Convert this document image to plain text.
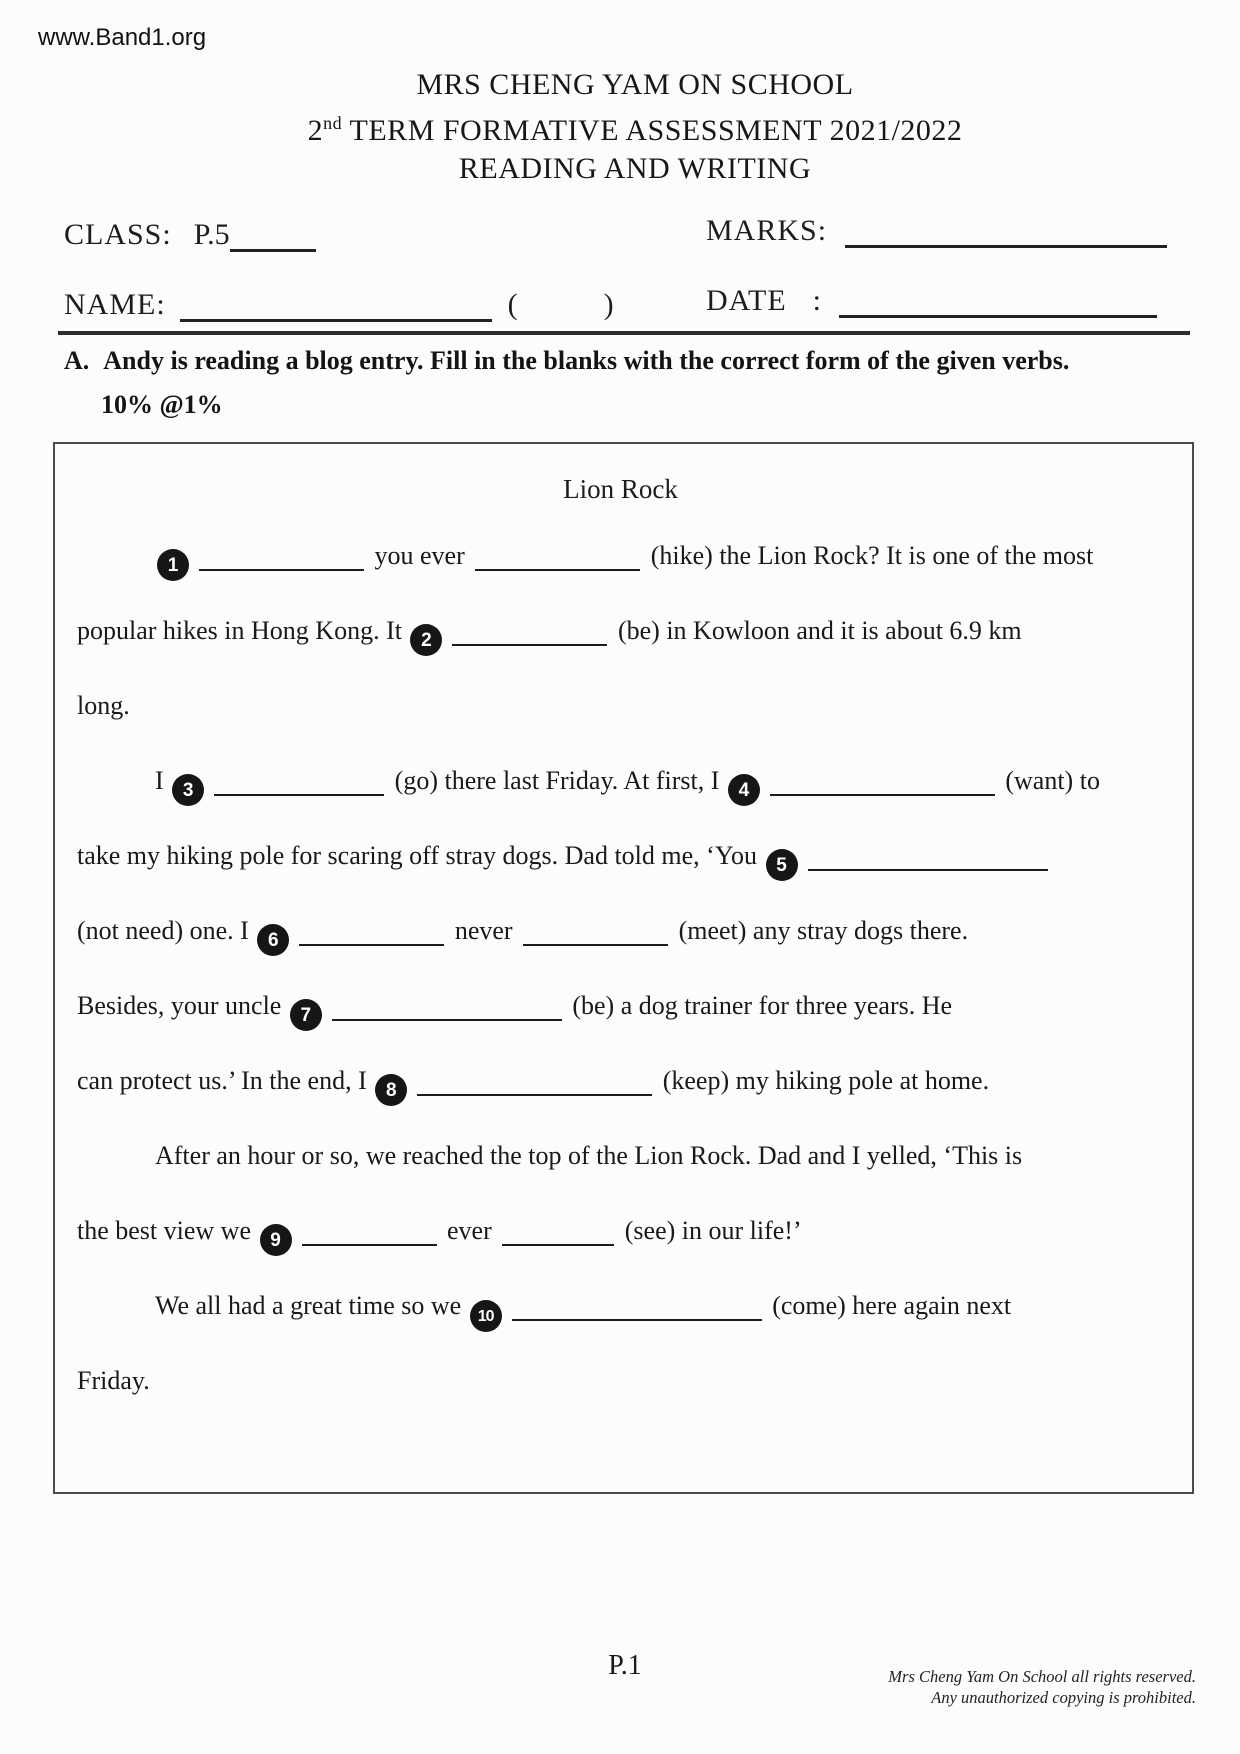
www.Band1.org
MRS CHENG YAM ON SCHOOL
2nd TERM FORMATIVE ASSESSMENT 2021/2022
READING AND WRITING
CLASS: P.5	MARKS:
NAME:	(	)	DATE :
A. Andy is reading a blog entry. Fill in the blanks with the correct form of the given verbs.
10% @1%
Lion Rock
1	you ever	(hike) the Lion Rock? It is one of the most
popular hikes in Hong Kong. It 2	(be) in Kowloon and it is about 6.9 km
long.
I 3	(go) there last Friday. At first, I 4	(want) to
take my hiking pole for scaring off stray dogs. Dad told me, ‘You 5
(not need) one. I 6	never	(meet) any stray dogs there.
Besides, your uncle 7	(be) a dog trainer for three years. He
can protect us.’ In the end, I 8	(keep) my hiking pole at home.
After an hour or so, we reached the top of the Lion Rock. Dad and I yelled, ‘This is
the best view we 9	ever	(see) in our life!’
We all had a great time so we 10	(come) here again next
Friday.
P.1	Mrs Cheng Yam On School all rights reserved.
Any unauthorized copying is prohibited.
